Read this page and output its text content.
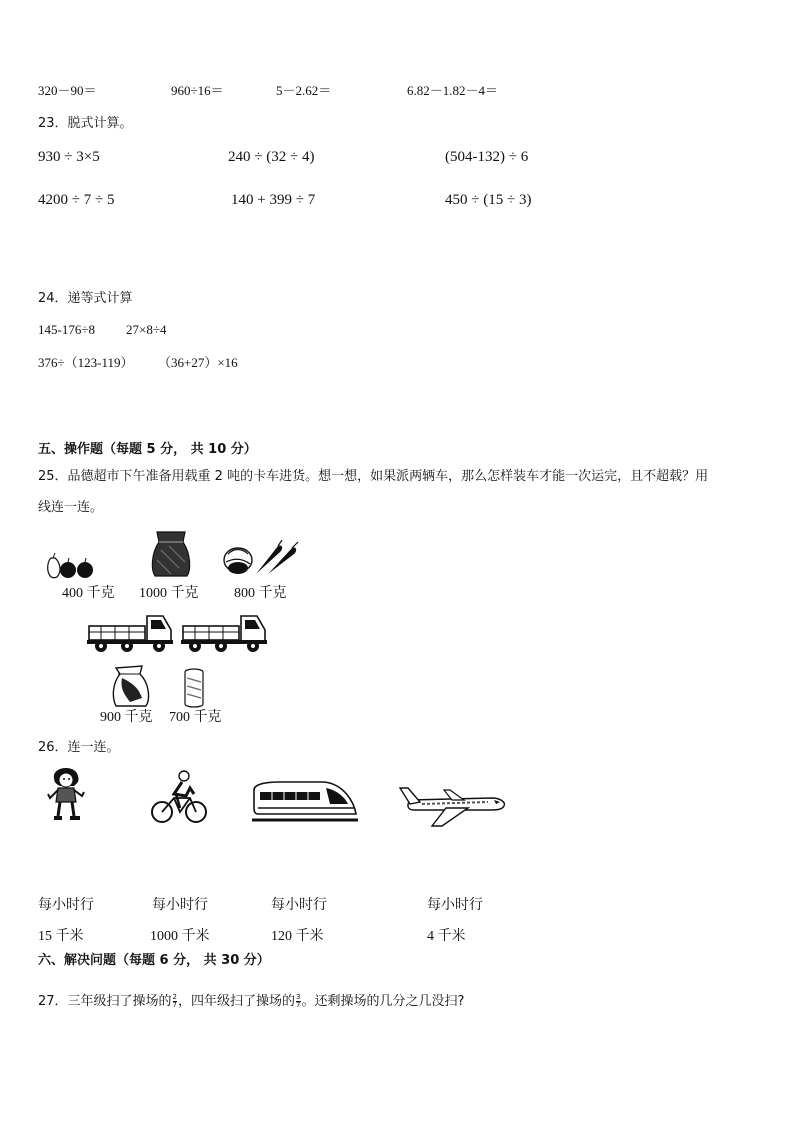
320－90＝	960÷16＝	5－2.62＝	6.82－1.82－4＝
23．脱式计算。
930 ÷ 3×5	240 ÷ (32 ÷ 4)	(504-132) ÷ 6
4200 ÷ 7 ÷ 5	140 + 399 ÷ 7	450 ÷ (15 ÷ 3)
24．递等式计算
145-176÷8 27×8÷4
376÷（123-119） （36+27）×16
五、操作题（每题 5 分， 共 10 分）
25．品德超市下午准备用载重 2 吨的卡车进货。想一想，如果派两辆车，那么怎样装车才能一次运完，且不超载？用
线连一连。
400 千克 1000 千克	800 千克
900 千克 700 千克
26．连一连。
每小时行	每小时行	每小时行	每小时行
15 千米	1000 千米	120 千米	4 千米
六、解决问题（每题 6 分， 共 30 分）
27．三年级扫了操场的 $\frac{2}{7}$ ，四年级扫了操场的 $\frac{3}{7}$ 。还剩操场的几分之几没扫?
